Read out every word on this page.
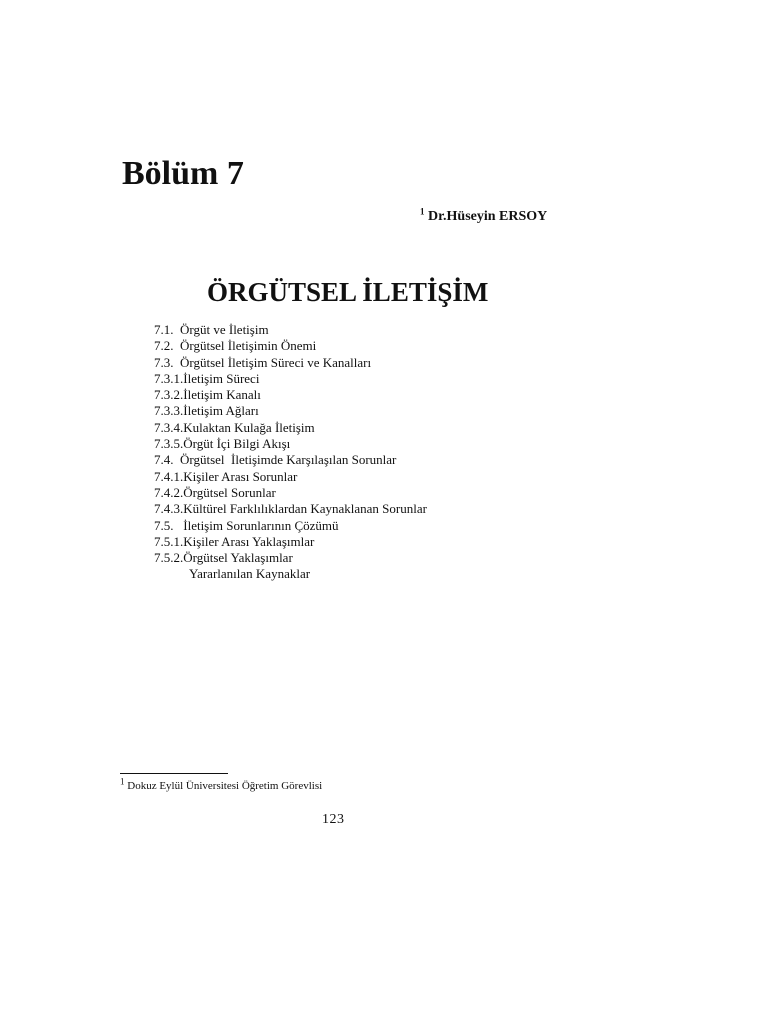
Bölüm 7
$^1$ Dr.Hüseyin ERSOY
ÖRGÜTSEL İLETİŞİM
7.1.  Örgüt ve İletişim
7.2.  Örgütsel İletişimin Önemi
7.3.  Örgütsel İletişim Süreci ve Kanalları
7.3.1.İletişim Süreci
7.3.2.İletişim Kanalı
7.3.3.İletişim Ağları
7.3.4.Kulaktan Kulağa İletişim
7.3.5.Örgüt İçi Bilgi Akışı
7.4.  Örgütsel  İletişimde Karşılaşılan Sorunlar
7.4.1.Kişiler Arası Sorunlar
7.4.2.Örgütsel Sorunlar
7.4.3.Kültürel Farklılıklardan Kaynaklanan Sorunlar
7.5.   İletişim Sorunlarının Çözümü
7.5.1.Kişiler Arası Yaklaşımlar
7.5.2.Örgütsel Yaklaşımlar
Yararlanılan Kaynaklar
$^1$ Dokuz Eylül Üniversitesi Öğretim Görevlisi
123
